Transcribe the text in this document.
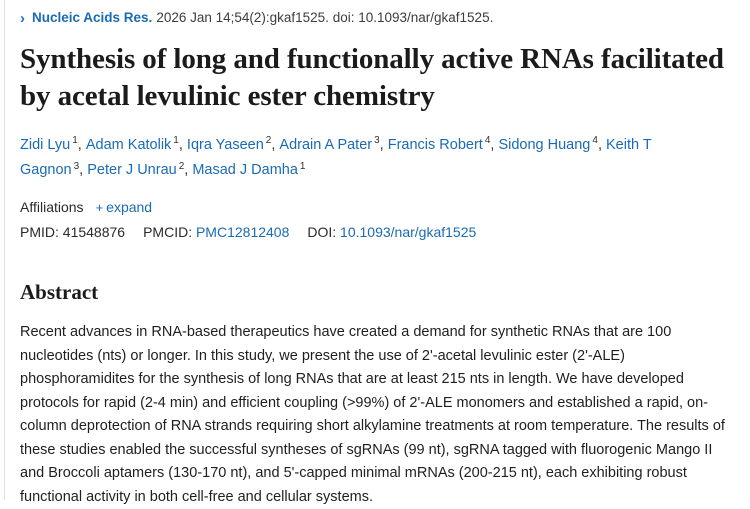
› Nucleic Acids Res. 2026 Jan 14;54(2):gkaf1525. doi: 10.1093/nar/gkaf1525.
Synthesis of long and functionally active RNAs facilitated by acetal levulinic ester chemistry
Zidi Lyu $^1$, Adam Katolik $^1$, Iqra Yaseen $^2$, Adrain A Pater $^3$, Francis Robert $^4$, Sidong Huang $^4$, Keith T Gagnon $^3$, Peter J Unrau $^2$, Masad J Damha $^1$
Affiliations + expand
PMID: 41548876 PMCID: PMC12812408 DOI: 10.1093/nar/gkaf1525
Abstract
Recent advances in RNA-based therapeutics have created a demand for synthetic RNAs that are 100 nucleotides (nts) or longer. In this study, we present the use of 2'-acetal levulinic ester (2'-ALE) phosphoramidites for the synthesis of long RNAs that are at least 215 nts in length. We have developed protocols for rapid (2-4 min) and efficient coupling (>99%) of 2'-ALE monomers and established a rapid, on-column deprotection of RNA strands requiring short alkylamine treatments at room temperature. The results of these studies enabled the successful syntheses of sgRNAs (99 nt), sgRNA tagged with fluorogenic Mango II and Broccoli aptamers (130-170 nt), and 5'-capped minimal mRNAs (200-215 nt), each exhibiting robust functional activity in both cell-free and cellular systems.
